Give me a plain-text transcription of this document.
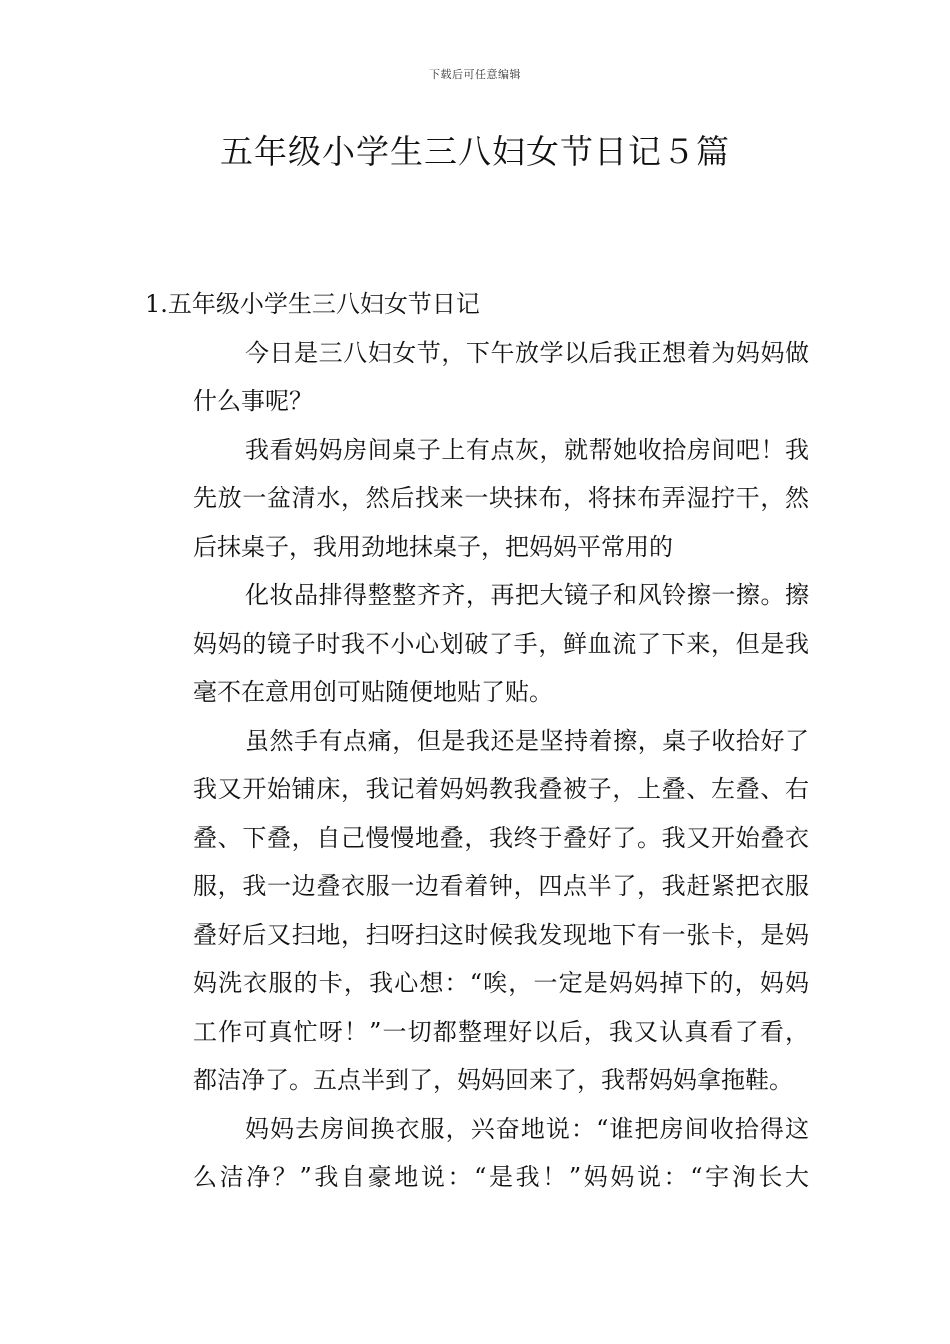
下载后可任意编辑
五年级小学生三八妇女节日记５篇
1.五年级小学生三八妇女节日记
今日是三八妇女节，下午放学以后我正想着为妈妈做
什么事呢？
我看妈妈房间桌子上有点灰，就帮她收拾房间吧！我
先放一盆清水，然后找来一块抹布，将抹布弄湿拧干，然
后抹桌子，我用劲地抹桌子，把妈妈平常用的
化妆品排得整整齐齐，再把大镜子和风铃擦一擦。擦
妈妈的镜子时我不小心划破了手，鲜血流了下来，但是我
毫不在意用创可贴随便地贴了贴。
虽然手有点痛，但是我还是坚持着擦，桌子收拾好了
我又开始铺床，我记着妈妈教我叠被子，上叠、左叠、右
叠、下叠，自己慢慢地叠，我终于叠好了。我又开始叠衣
服，我一边叠衣服一边看着钟，四点半了，我赶紧把衣服
叠好后又扫地，扫呀扫这时候我发现地下有一张卡，是妈
妈洗衣服的卡，我心想：“唉，一定是妈妈掉下的，妈妈
工作可真忙呀！”一切都整理好以后，我又认真看了看，
都洁净了。五点半到了，妈妈回来了，我帮妈妈拿拖鞋。
妈妈去房间换衣服，兴奋地说：“谁把房间收拾得这
么洁净？”我自豪地说：“是我！”妈妈说：“宇洵长大
